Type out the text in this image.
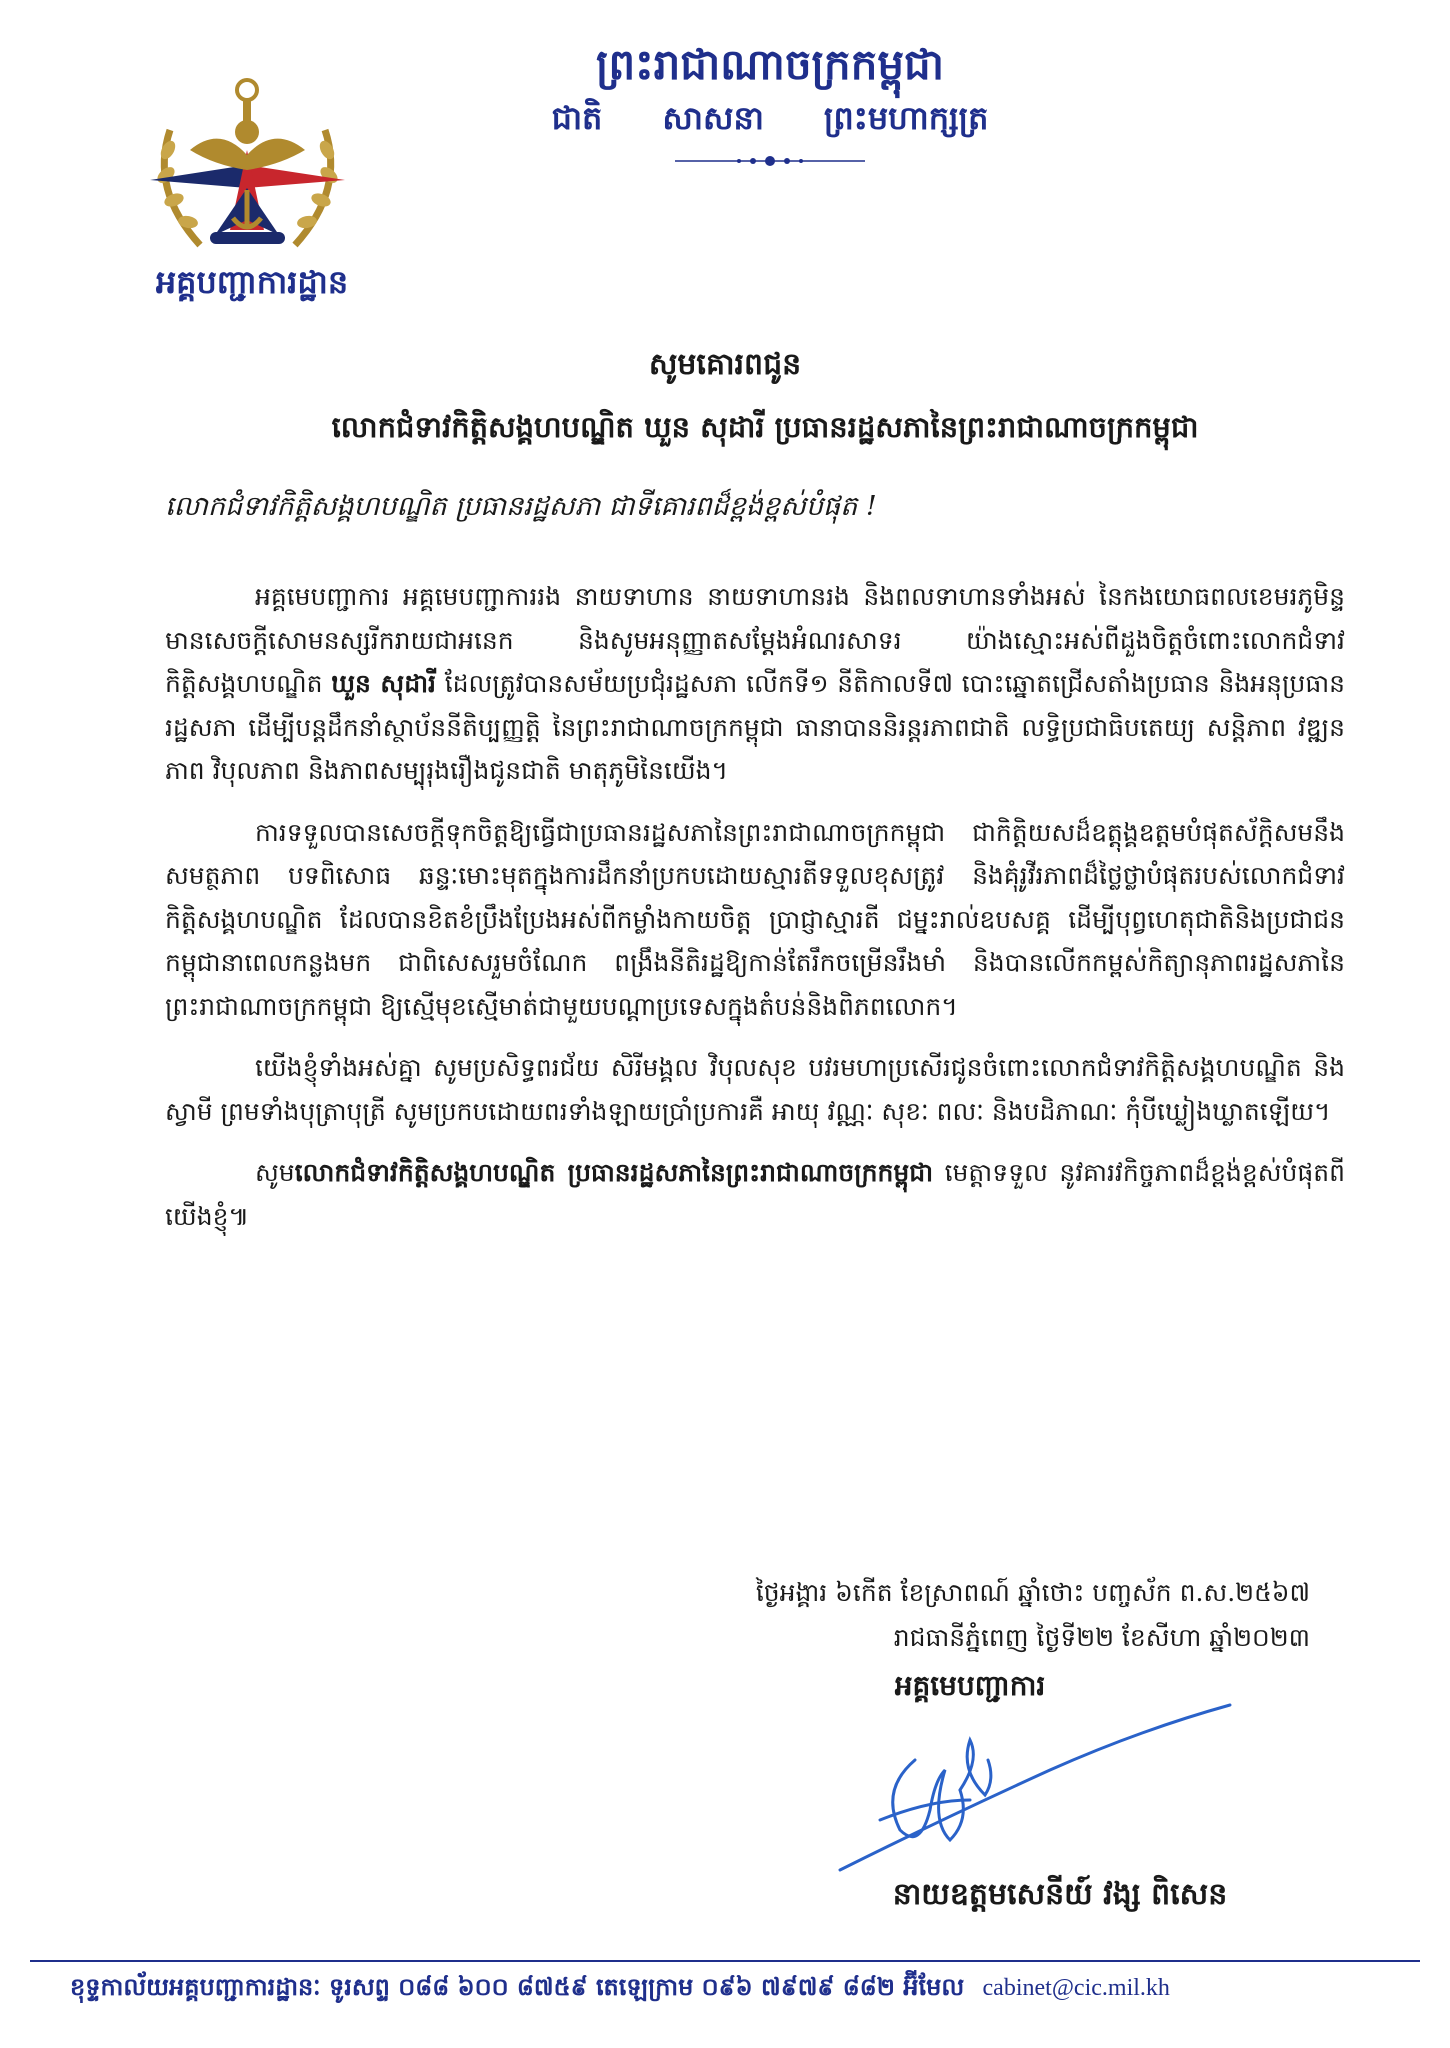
អគ្គបញ្ជាការដ្ឋាន
ព្រះរាជាណាចក្រកម្ពុជា
ជាតិ សាសនា ព្រះមហាក្សត្រ
សូមគោរពជូន
លោកជំទាវកិត្តិសង្គហបណ្ឌិត ឃួន សុដារី ប្រធានរដ្ឋសភានៃព្រះរាជាណាចក្រកម្ពុជា
លោកជំទាវកិត្តិសង្គហបណ្ឌិត ប្រធានរដ្ឋសភា ជាទីគោរពដ៏ខ្ពង់ខ្ពស់បំផុត !

អគ្គមេបញ្ជាការ អគ្គមេបញ្ជាការរង នាយទាហាន នាយទាហានរង និងពលទាហានទាំងអស់ នៃកងយោធពលខេមរភូមិន្ទ មានសេចក្តីសោមនស្សរីករាយជាអនេក និងសូមអនុញ្ញាតសម្តែងអំណរសាទរ យ៉ាងស្មោះអស់ពីដួងចិត្តចំពោះលោកជំទាវកិត្តិសង្គហបណ្ឌិត ឃួន សុដារី ដែលត្រូវបានសម័យប្រជុំរដ្ឋសភា លើកទី១ នីតិកាលទី៧ បោះឆ្នោតជ្រើសតាំងប្រធាន និងអនុប្រធានរដ្ឋសភា ដើម្បីបន្តដឹកនាំស្ថាប័ននីតិប្បញ្ញត្តិ នៃព្រះរាជាណាចក្រកម្ពុជា ធានាបាននិរន្តរភាពជាតិ លទ្ធិប្រជាធិបតេយ្យ សន្តិភាព វឌ្ឍនភាព វិបុលភាព និងភាពសម្បុរុងរឿងជូនជាតិ មាតុភូមិនៃយើង។

ការទទួលបានសេចក្តីទុកចិត្តឱ្យធ្វើជាប្រធានរដ្ឋសភានៃព្រះរាជាណាចក្រកម្ពុជា ជាកិត្តិយសដ៏ឧត្តុង្គឧត្តមបំផុតស័ក្តិសមនឹងសមត្ថភាព បទពិសោធ ឆន្ទៈមោះមុតក្នុងការដឹកនាំប្រកបដោយស្មារតីទទួលខុសត្រូវ និងគុំរូវីរភាពដ៏ថ្លៃថ្លាបំផុតរបស់លោកជំទាវកិត្តិសង្គហបណ្ឌិត ដែលបានខិតខំប្រឹងប្រែងអស់ពីកម្លាំងកាយចិត្ត ប្រាជ្ញាស្មារតី ជម្នះរាល់ឧបសគ្គ ដើម្បីបុព្វហេតុជាតិនិងប្រជាជនកម្ពុជានាពេលកន្លងមក ជាពិសេសរួមចំណែក ពង្រឹងនីតិរដ្ឋឱ្យកាន់តែរឹកចម្រើនរឹងមាំ និងបានលើកកម្ពស់កិត្យានុភាពរដ្ឋសភានៃព្រះរាជាណាចក្រកម្ពុជា ឱ្យស្មើមុខស្មើមាត់ជាមួយបណ្តាប្រទេសក្នុងតំបន់និងពិភពលោក។

យើងខ្ញុំទាំងអស់គ្នា សូមប្រសិទ្ធពរជ័យ សិរីមង្គល វិបុលសុខ បវរមហាប្រសើរជូនចំពោះលោកជំទាវកិត្តិសង្គហបណ្ឌិត និងស្វាមី ព្រមទាំងបុត្រាបុត្រី សូមប្រកបដោយពរទាំងឡាយប្រាំប្រការគឺ អាយុ វណ្ណៈ សុខៈ ពលៈ និងបដិភាណៈ កុំបីឃ្លៀងឃ្លាតឡើយ។

សូមលោកជំទាវកិត្តិសង្គហបណ្ឌិត ប្រធានរដ្ឋសភានៃព្រះរាជាណាចក្រកម្ពុជា មេត្តាទទួល នូវគារវកិច្ចភាពដ៏ខ្ពង់ខ្ពស់បំផុតពីយើងខ្ញុំ៕

ថ្ងៃអង្គារ ៦កើត ខែស្រាពណ៍ ឆ្នាំថោះ បញ្ចស័ក ព.ស.២៥៦៧
រាជធានីភ្នំពេញ ថ្ងៃទី២២ ខែសីហា ឆ្នាំ២០២៣
អគ្គមេបញ្ជាការ
នាយឧត្តមសេនីយ៍ វង្ស ពិសេន
ខុទ្ទកាល័យអគ្គបញ្ជាការដ្ឋានៈ ទូរសព្ទ ០៨៨ ៦០០ ៨៧៥៩ តេឡេក្រាម ០៩៦ ៧៩៧៩ ៨៨២ អ៊ីមែល cabinet@cic.mil.kh
